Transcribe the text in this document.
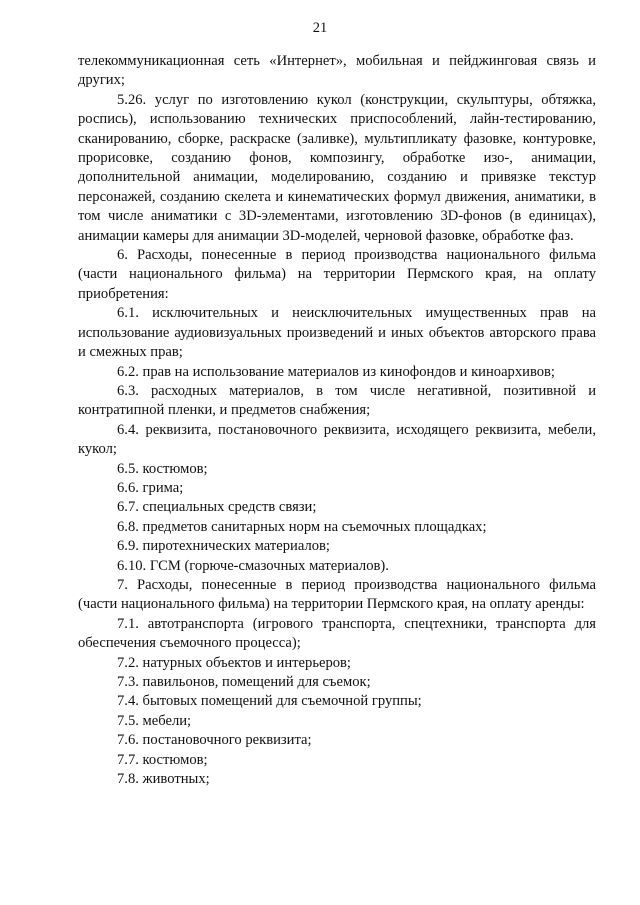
21

телекоммуникационная сеть «Интернет», мобильная и пейджинговая связь и других;

5.26. услуг по изготовлению кукол (конструкции, скульптуры, обтяжка, роспись), использованию технических приспособлений, лайн-тестированию, сканированию, сборке, раскраске (заливке), мультипликату фазовке, контуровке, прорисовке, созданию фонов, композингу, обработке изо-, анимации, дополнительной анимации, моделированию, созданию и привязке текстур персонажей, созданию скелета и кинематических формул движения, аниматики, в том числе аниматики с 3D-элементами, изготовлению 3D-фонов (в единицах), анимации камеры для анимации 3D-моделей, черновой фазовке, обработке фаз.

6. Расходы, понесенные в период производства национального фильма (части национального фильма) на территории Пермского края, на оплату приобретения:

6.1. исключительных и неисключительных имущественных прав на использование аудиовизуальных произведений и иных объектов авторского права и смежных прав;

6.2. прав на использование материалов из кинофондов и киноархивов;

6.3. расходных материалов, в том числе негативной, позитивной и контратипной пленки, и предметов снабжения;

6.4. реквизита, постановочного реквизита, исходящего реквизита, мебели, кукол;

6.5. костюмов;

6.6. грима;

6.7. специальных средств связи;

6.8. предметов санитарных норм на съемочных площадках;

6.9. пиротехнических материалов;

6.10. ГСМ (горюче-смазочных материалов).

7. Расходы, понесенные в период производства национального фильма (части национального фильма) на территории Пермского края, на оплату аренды:

7.1. автотранспорта (игрового транспорта, спецтехники, транспорта для обеспечения съемочного процесса);

7.2. натурных объектов и интерьеров;

7.3. павильонов, помещений для съемок;

7.4. бытовых помещений для съемочной группы;

7.5. мебели;

7.6. постановочного реквизита;

7.7. костюмов;

7.8. животных;
